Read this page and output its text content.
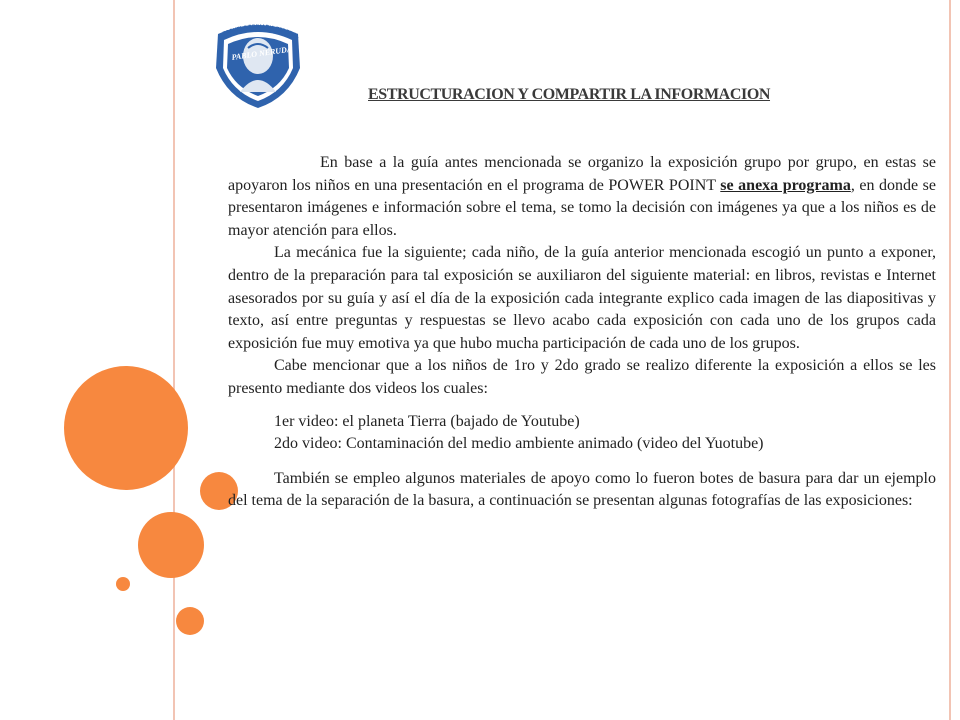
ESCUELA PRIMARIA FEDERAL
PABLO NERUDA
ESTRUCTURACION Y COMPARTIR LA INFORMACION

En base a la guía antes mencionada se organizo la exposición grupo por grupo, en estas se apoyaron los niños en una presentación en el programa de POWER POINT se anexa programa, en donde se presentaron imágenes e información sobre el tema, se tomo la decisión con imágenes ya que a los niños es de mayor atención para ellos.

La mecánica fue la siguiente; cada niño, de la guía anterior mencionada escogió un punto a exponer, dentro de la preparación para tal exposición se auxiliaron del siguiente material: en libros, revistas e Internet asesorados por su guía y así el día de la exposición cada integrante explico cada imagen de las diapositivas y texto, así entre preguntas y respuestas se llevo acabo cada exposición con cada uno de los grupos cada exposición fue muy emotiva ya que hubo mucha participación de cada uno de los grupos.

Cabe mencionar que a los niños de 1ro y 2do grado se realizo diferente la exposición a ellos se les presento mediante dos videos los cuales:

1er video: el planeta Tierra (bajado de Youtube)

2do video: Contaminación del medio ambiente animado (video del Yuotube)

También se empleo algunos materiales de apoyo como lo fueron botes de basura para dar un ejemplo del tema de la separación de la basura, a continuación se presentan algunas fotografías de las exposiciones:
